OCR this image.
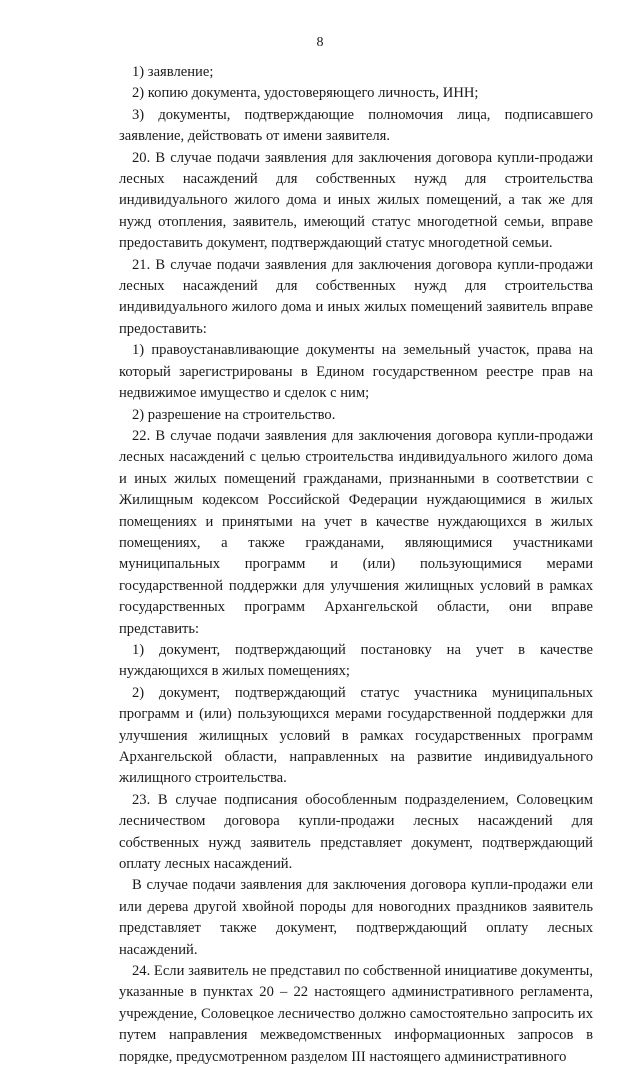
8

1) заявление;

2) копию документа, удостоверяющего личность, ИНН;

3) документы, подтверждающие полномочия лица, подписавшего заявление, действовать от имени заявителя.

20. В случае подачи заявления для заключения договора купли-продажи лесных насаждений для собственных нужд для строительства индивидуального жилого дома и иных жилых помещений, а так же для нужд отопления, заявитель, имеющий статус многодетной семьи, вправе предоставить документ, подтверждающий статус многодетной семьи.

21. В случае подачи заявления для заключения договора купли-продажи лесных насаждений для собственных нужд для строительства индивидуального жилого дома и иных жилых помещений заявитель вправе предоставить:

1) правоустанавливающие документы на земельный участок, права на который зарегистрированы в Едином государственном реестре прав на недвижимое имущество и сделок с ним;

2) разрешение на строительство.

22. В случае подачи заявления для заключения договора купли-продажи лесных насаждений с целью строительства индивидуального жилого дома и иных жилых помещений гражданами, признанными в соответствии с Жилищным кодексом Российской Федерации нуждающимися в жилых помещениях и принятыми на учет в качестве нуждающихся в жилых помещениях, а также гражданами, являющимися участниками муниципальных программ и (или) пользующимися мерами государственной поддержки для улучшения жилищных условий в рамках государственных программ Архангельской области, они вправе представить:

1) документ, подтверждающий постановку на учет в качестве нуждающихся в жилых помещениях;

2) документ, подтверждающий статус участника муниципальных программ и (или) пользующихся мерами государственной поддержки для улучшения жилищных условий в рамках государственных программ Архангельской области, направленных на развитие индивидуального жилищного строительства.

23. В случае подписания обособленным подразделением, Соловецким лесничеством договора купли-продажи лесных насаждений для собственных нужд заявитель представляет документ, подтверждающий оплату лесных насаждений.

В случае подачи заявления для заключения договора купли-продажи ели или дерева другой хвойной породы для новогодних праздников заявитель представляет также документ, подтверждающий оплату лесных насаждений.

24. Если заявитель не представил по собственной инициативе документы, указанные в пунктах 20 – 22 настоящего административного регламента, учреждение, Соловецкое лесничество должно самостоятельно запросить их путем направления межведомственных информационных запросов в порядке, предусмотренном разделом III настоящего административного
